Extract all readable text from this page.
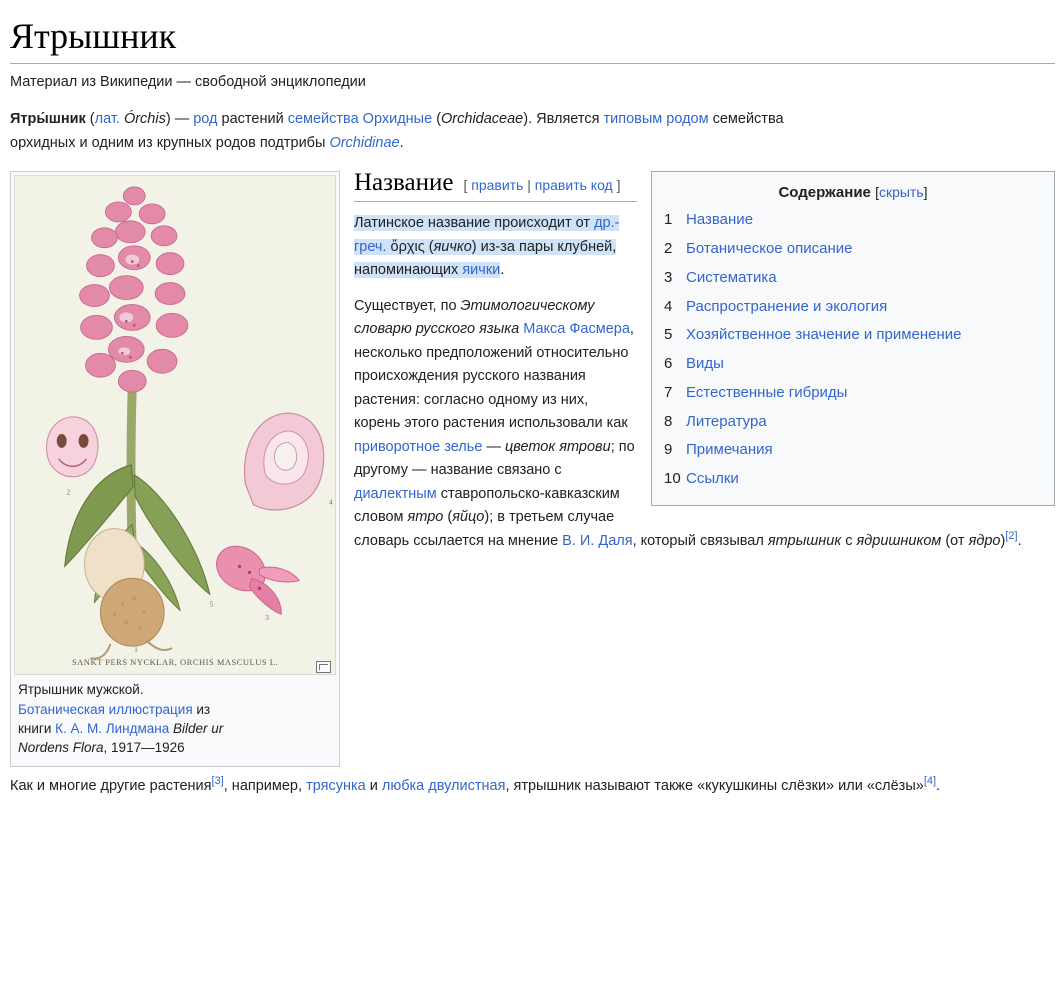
Ятрышник
Материал из Википедии — свободной энциклопедии

Ятры́шник (лат. Órchis) — род растений семейства Орхидные (Orchidaceae). Является типовым родом семейства
орхидных и одним из крупных родов подтрибы Orchidinae.

Содержание [скрыть]
1 Название
2 Ботаническое описание
3 Систематика
4 Распространение и экология
5 Хозяйственное значение и применение
6 Виды
7 Естественные гибриды
8 Литература
9 Примечания
10 Ссылки
2
4
1
5
3
SANKT PERS NYCKLAR, ORCHIS MASCULUS L.
Ятрышник мужской.
Ботаническая иллюстрация из
книги К. А. М. Линдмана Bilder ur
Nordens Flora, 1917—1926
Название [ править | править код ]

Латинское название происходит от др.-греч. ὄρχις (яичко) из-за пары клубней, напоминающих яички.

Существует, по Этимологическому словарю русского языка Макса Фасмера, несколько предположений относительно происхождения русского названия растения: согласно одному из них, корень этого растения использовали как приворотное зелье — цветок ятрови; по другому — название связано с диалектным ставропольско-кавказским словом ятро (яйцо); в третьем случае словарь ссылается на мнение В. И. Даля, который связывал ятрышник с ядришником (от ядро)[2].

Как и многие другие растения[3], например, трясунка и любка двулистная, ятрышник называют также «кукушкины слёзки» или «слёзы»[4].
